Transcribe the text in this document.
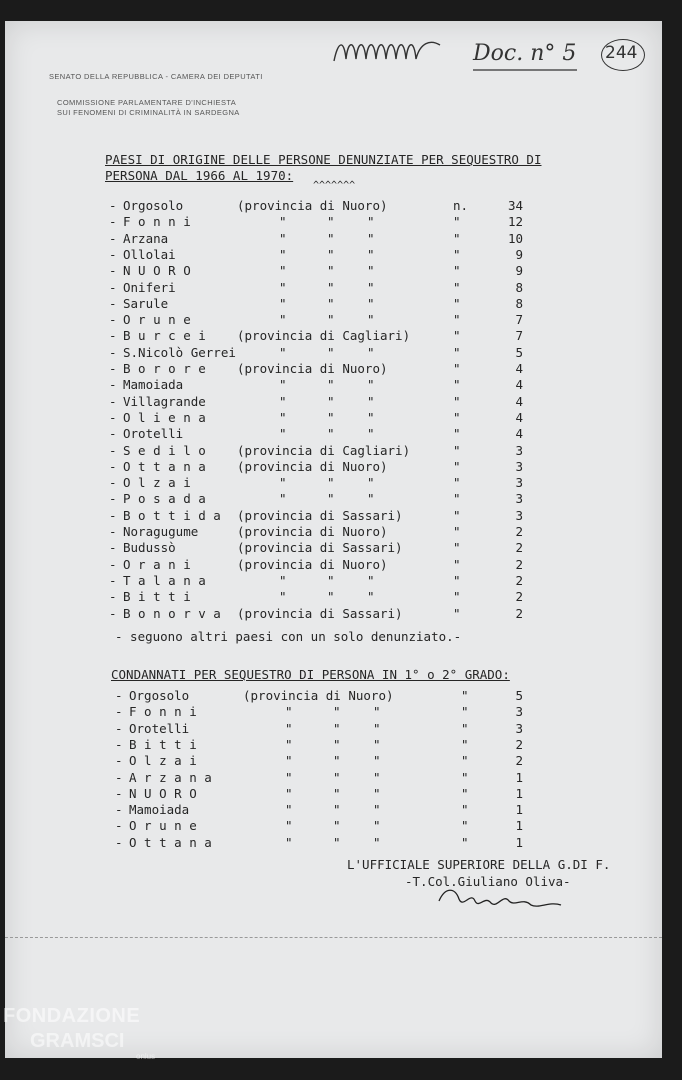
SENATO DELLA REPUBBLICA - CAMERA DEI DEPUTATI
COMMISSIONE PARLAMENTARE D'INCHIESTA
SUI FENOMENI DI CRIMINALITÀ IN SARDEGNA
Doc. n° 5 244
PAESI DI ORIGINE DELLE PERSONE DENUNZIATE PER SEQUESTRO DI
PERSONA DAL 1966 AL 1970:
^^^^^^^
- Orgosolo	(provincia di Nuoro)	n.	34
- F o n n i	"	"	"	"	12
- Arzana	"	"	"	"	10
- Ollolai	"	"	"	"	9
- N U O R O	"	"	"	"	9
- Oniferi	"	"	"	"	8
- Sarule	"	"	"	"	8
- O r u n e	"	"	"	"	7
- B u r c e i (provincia di Cagliari)	"	7
- S.Nicolò Gerrei	"	"	"	"	5
- B o r o r e (provincia di Nuoro)	"	4
- Mamoiada	"	"	"	"	4
- Villagrande	"	"	"	"	4
- O l i e n a	"	"	"	"	4
- Orotelli	"	"	"	"	4
- S e d i l o (provincia di Cagliari)	"	3
- O t t a n a (provincia di Nuoro)	"	3
- O l z a i	"	"	"	"	3
- P o s a d a	"	"	"	"	3
- B o t t i d a (provincia di Sassari)	"	3
- Noragugume	(provincia di Nuoro)	"	2
- Budussò	(provincia di Sassari)	"	2
- O r a n i	(provincia di Nuoro)	"	2
- T a l a n a	"	"	"	"	2
- B i t t i	"	"	"	"	2
- B o n o r v a (provincia di Sassari)	"	2
- seguono altri paesi con un solo denunziato.-
CONDANNATI PER SEQUESTRO DI PERSONA IN 1° o 2° GRADO:
- Orgosolo	(provincia di Nuoro)	"	5
- F o n n i	"	"	"	"	3
- Orotelli	"	"	"	"	3
- B i t t i	"	"	"	"	2
- O l z a i	"	"	"	"	2
- A r z a n a	"	"	"	"	1
- N U O R O	"	"	"	"	1
- Mamoiada	"	"	"	"	1
- O r u n e	"	"	"	"	1
- O t t a n a	"	"	"	"	1
L'UFFICIALE SUPERIORE DELLA G.DI F.
-T.Col.Giuliano Oliva-
FONDAZIONE
GRAMSCI
onlus
